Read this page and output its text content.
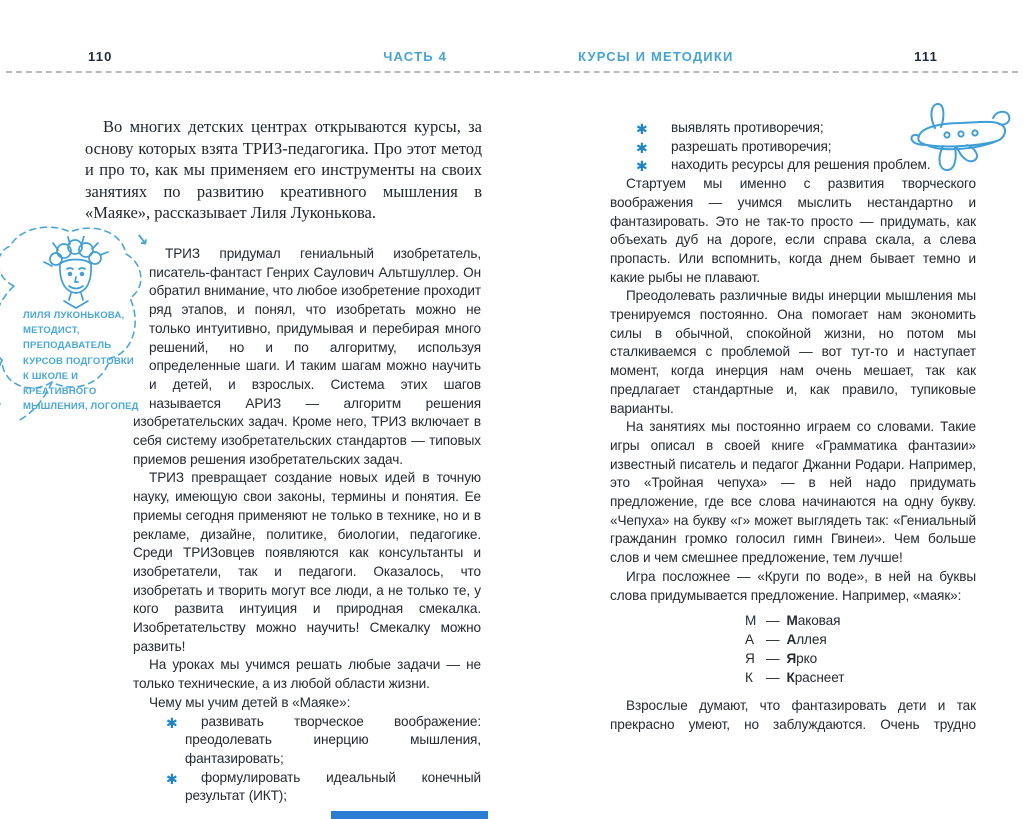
110	ЧАСТЬ 4	КУРСЫ И МЕТОДИКИ	111

Во многих детских центрах открываются курсы, за основу которых взята ТРИЗ-педагогика. Про этот метод и про то, как мы применяем его инструменты на своих занятиях по развитию креативного мышления в «Маяке», рассказывает Лиля Луконькова.

ЛИЛЯ ЛУКОНЬКОВА, МЕТОДИСТ, ПРЕПОДАВАТЕЛЬ КУРСОВ ПОДГОТОВКИ К ШКОЛЕ И КРЕАТИВНОГО МЫШЛЕНИЯ, ЛОГОПЕД
↘

ТРИЗ придумал гениальный изобретатель, писатель-фантаст Генрих Саулович Альтшуллер. Он обратил внимание, что любое изобретение проходит ряд этапов, и понял, что изобретать можно не только интуитивно, придумывая и перебирая много решений, но и по алгоритму, используя определенные шаги. И таким шагам можно научить и детей, и взрослых. Система этих шагов называется АРИЗ — алгоритм решения изобретательских задач. Кроме него, ТРИЗ включает в себя систему изобретательских стандартов — типовых приемов решения изобретательских задач.

ТРИЗ превращает создание новых идей в точную науку, имеющую свои законы, термины и понятия. Ее приемы сегодня применяют не только в технике, но и в рекламе, дизайне, политике, биологии, педагогике. Среди ТРИЗовцев появляются как консультанты и изобретатели, так и педагоги. Оказалось, что изобретать и творить могут все люди, а не только те, у кого развита интуиция и природная смекалка. Изобретательству можно научить! Смекалку можно развить!

На уроках мы учимся решать любые задачи — не только технические, а из любой области жизни.

Чему мы учим детей в «Маяке»:

✱ развивать творческое воображение: преодолевать инерцию мышления, фантазировать;

✱ формулировать идеальный конечный результат (ИКТ);

✱ выявлять противоречия;

✱ разрешать противоречия;

✱ находить ресурсы для решения проблем.

Стартуем мы именно с развития творческого воображения — учимся мыслить нестандартно и фантазировать. Это не так-то просто — придумать, как объехать дуб на дороге, если справа скала, а слева пропасть. Или вспомнить, когда днем бывает темно и какие рыбы не плавают.

Преодолевать различные виды инерции мышления мы тренируемся постоянно. Она помогает нам экономить силы в обычной, спокойной жизни, но потом мы сталкиваемся с проблемой — вот тут-то и наступает момент, когда инерция нам очень мешает, так как предлагает стандартные и, как правило, тупиковые варианты.

На занятиях мы постоянно играем со словами. Такие игры описал в своей книге «Грамматика фантазии» известный писатель и педагог Джанни Родари. Например, это «Тройная чепуха» — в ней надо придумать предложение, где все слова начинаются на одну букву. «Чепуха» на букву «г» может выглядеть так: «Гениальный гражданин громко голосил гимн Гвинеи». Чем больше слов и чем смешнее предложение, тем лучше!

Игра посложнее — «Круги по воде», в ней на буквы слова придумывается предложение. Например, «маяк»:

М — Маковая
А — Аллея
Я — Ярко
К — Краснеет

Взрослые думают, что фантазировать дети и так прекрасно умеют, но заблуждаются. Очень трудно
